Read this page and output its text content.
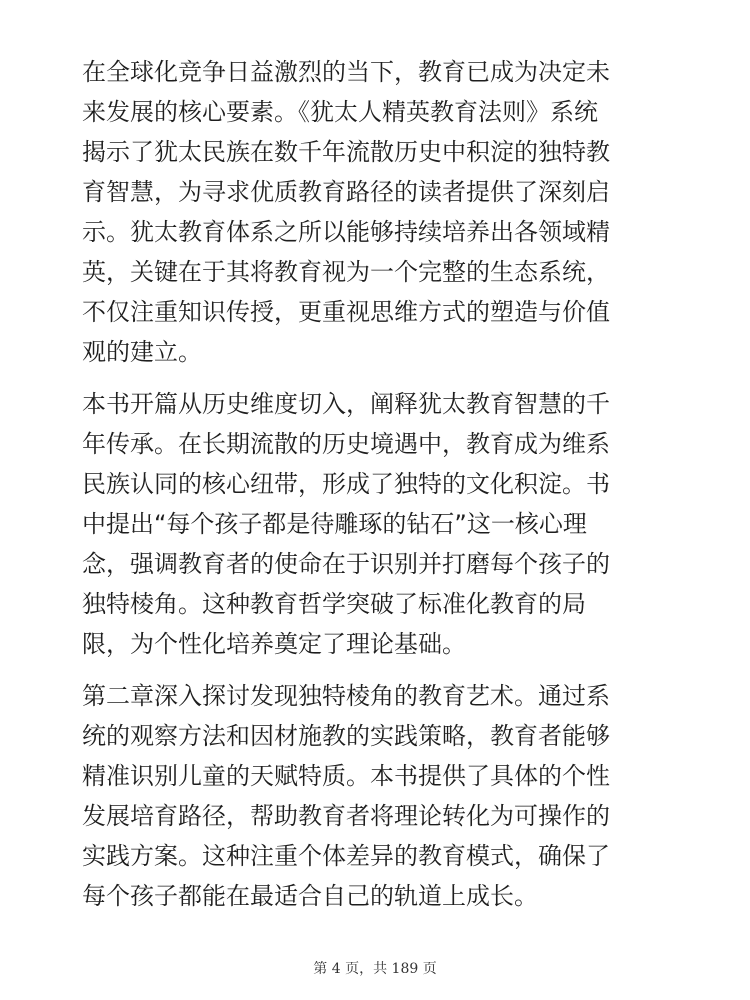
在全球化竞争日益激烈的当下，教育已成为决定未
来发展的核心要素。《犹太人精英教育法则》系统
揭示了犹太民族在数千年流散历史中积淀的独特教
育智慧，为寻求优质教育路径的读者提供了深刻启
示。犹太教育体系之所以能够持续培养出各领域精
英，关键在于其将教育视为一个完整的生态系统，
不仅注重知识传授，更重视思维方式的塑造与价值
观的建立。

本书开篇从历史维度切入，阐释犹太教育智慧的千
年传承。在长期流散的历史境遇中，教育成为维系
民族认同的核心纽带，形成了独特的文化积淀。书
中提出“每个孩子都是待雕琢的钻石”这一核心理
念，强调教育者的使命在于识别并打磨每个孩子的
独特棱角。这种教育哲学突破了标准化教育的局
限，为个性化培养奠定了理论基础。

第二章深入探讨发现独特棱角的教育艺术。通过系
统的观察方法和因材施教的实践策略，教育者能够
精准识别儿童的天赋特质。本书提供了具体的个性
发展培育路径，帮助教育者将理论转化为可操作的
实践方案。这种注重个体差异的教育模式，确保了
每个孩子都能在最适合自己的轨道上成长。

第 4 页，共 189 页
